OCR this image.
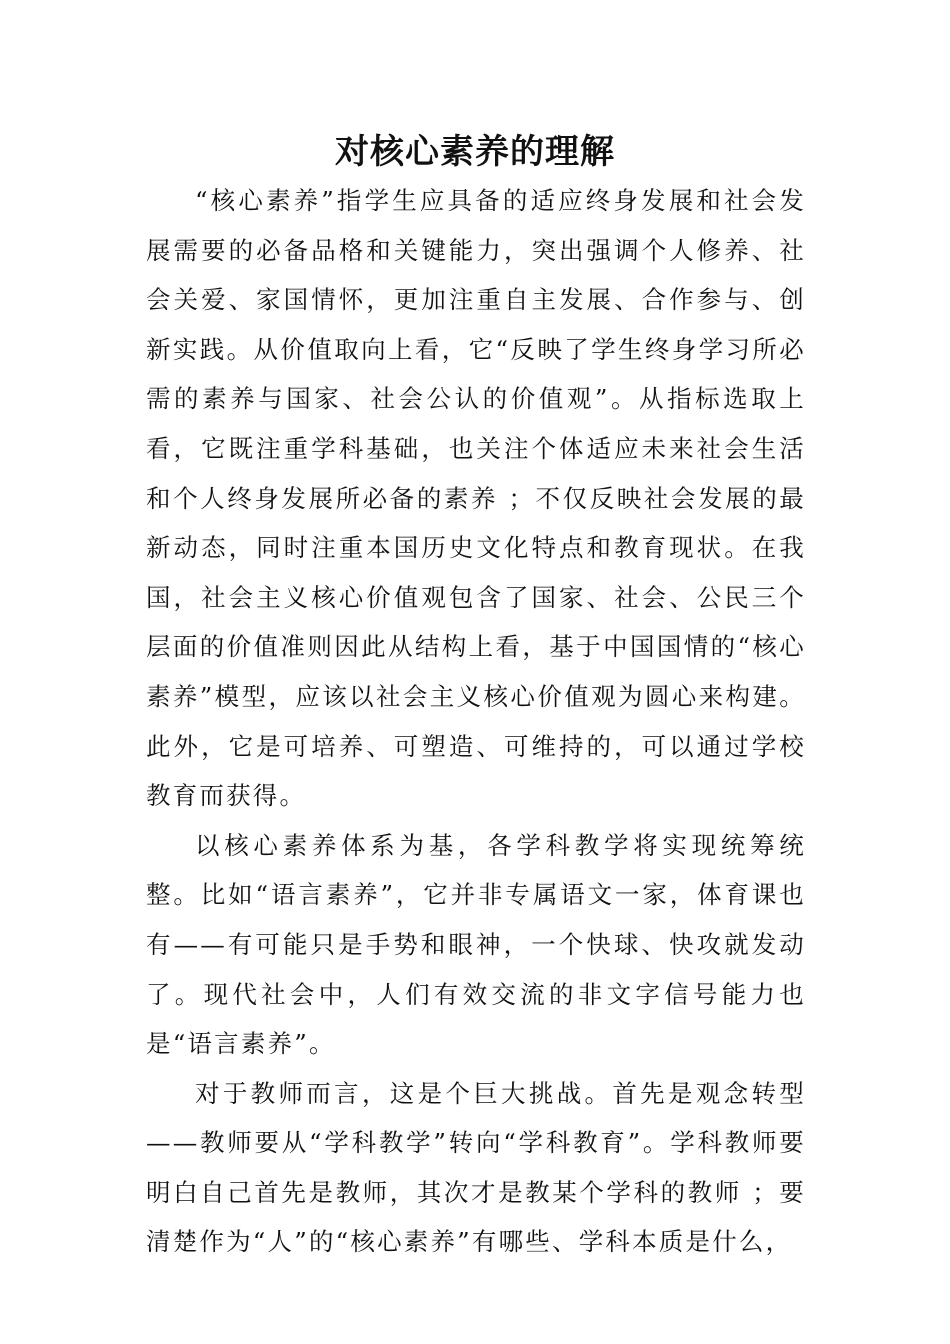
对核心素养的理解

“核心素养”指学生应具备的适应终身发展和社会发展需要的必备品格和关键能力，突出强调个人修养、社会关爱、家国情怀，更加注重自主发展、合作参与、创新实践。从价值取向上看，它“反映了学生终身学习所必需的素养与国家、社会公认的价值观”。从指标选取上看，它既注重学科基础，也关注个体适应未来社会生活和个人终身发展所必备的素养 ；不仅反映社会发展的最新动态，同时注重本国历史文化特点和教育现状。在我国，社会主义核心价值观包含了国家、社会、公民三个层面的价值准则因此从结构上看，基于中国国情的“核心素养”模型，应该以社会主义核心价值观为圆心来构建。此外，它是可培养、可塑造、可维持的，可以通过学校教育而获得。

以核心素养体系为基，各学科教学将实现统筹统整。比如“语言素养”，它并非专属语文一家，体育课也有——有可能只是手势和眼神，一个快球、快攻就发动了。现代社会中，人们有效交流的非文字信号能力也是“语言素养”。

对于教师而言，这是个巨大挑战。首先是观念转型——教师要从“学科教学”转向“学科教育”。学科教师要明白自己首先是教师，其次才是教某个学科的教师 ；要清楚作为“人”的“核心素养”有哪些、学科本质是什么，
